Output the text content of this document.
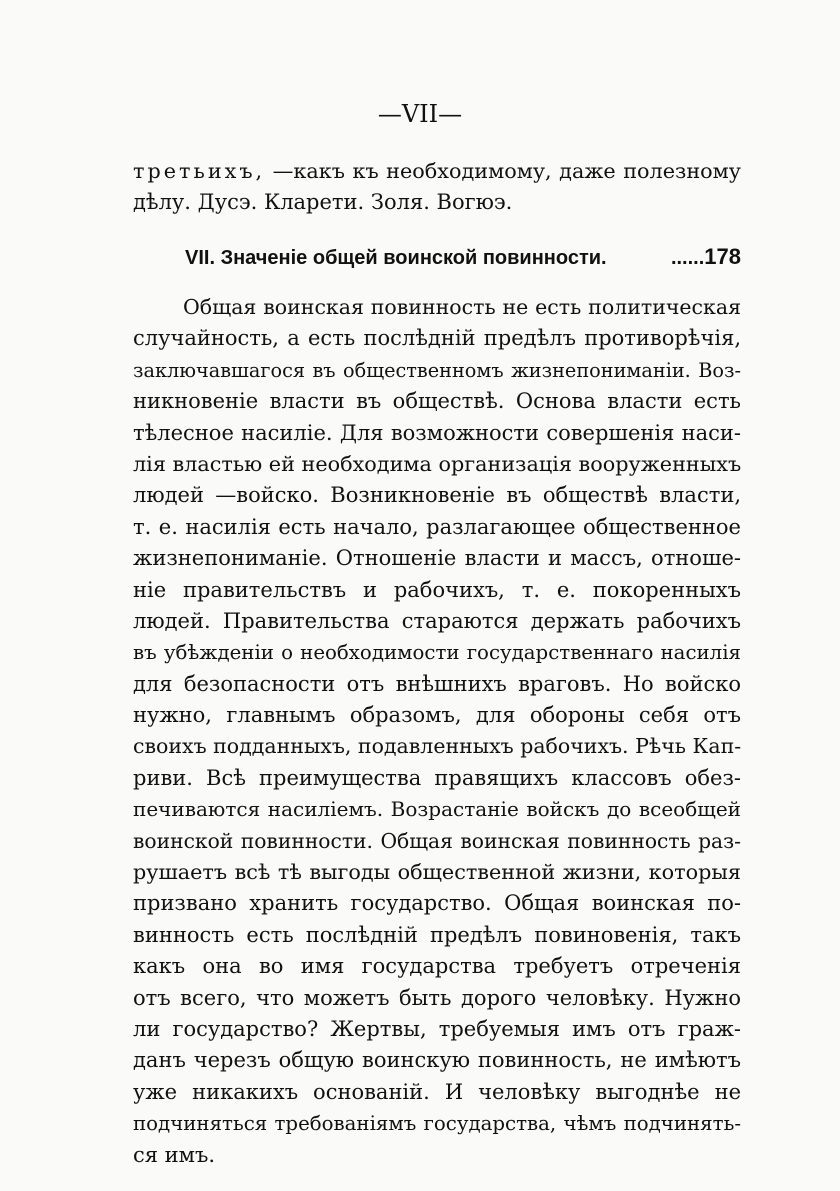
—VII—
третьихъ, —какъ къ необходимому, даже полезному
дѣлу. Дусэ. Кларети. Золя. Вогюэ.
VII. Значеніе общей воинской повинности.	......178
Общая воинская повинность не есть политическая
случайность, а есть послѣдній предѣлъ противорѣчія,
заключавшагося въ общественномъ жизнепониманіи. Воз-
никновеніе власти въ обществѣ. Основа власти есть
тѣлесное насиліе. Для возможности совершенія наси-
лія властью ей необходима организація вооруженныхъ
людей —войско. Возникновеніе въ обществѣ власти,
т. е. насилія есть начало, разлагающее общественное
жизнепониманіе. Отношеніе власти и массъ, отноше-
ніе правительствъ и рабочихъ, т. е. покоренныхъ
людей. Правительства стараются держать рабочихъ
въ убѣжденіи о необходимости государственнаго насилія
для безопасности отъ внѣшнихъ враговъ. Но войско
нужно, главнымъ образомъ, для обороны себя отъ
своихъ подданныхъ, подавленныхъ рабочихъ. Рѣчь Кап-
риви. Всѣ преимущества правящихъ классовъ обез-
печиваются насиліемъ. Возрастаніе войскъ до всеобщей
воинской повинности. Общая воинская повинность раз-
рушаетъ всѣ тѣ выгоды общественной жизни, которыя
призвано хранить государство. Общая воинская по-
винность есть послѣдній предѣлъ повиновенія, такъ
какъ она во имя государства требуетъ отреченія
отъ всего, что можетъ быть дорого человѣку. Нужно
ли государство? Жертвы, требуемыя имъ отъ граж-
данъ черезъ общую воинскую повинность, не имѣютъ
уже никакихъ основаній. И человѣку выгоднѣе не
подчиняться требованіямъ государства, чѣмъ подчинять-
ся имъ.
